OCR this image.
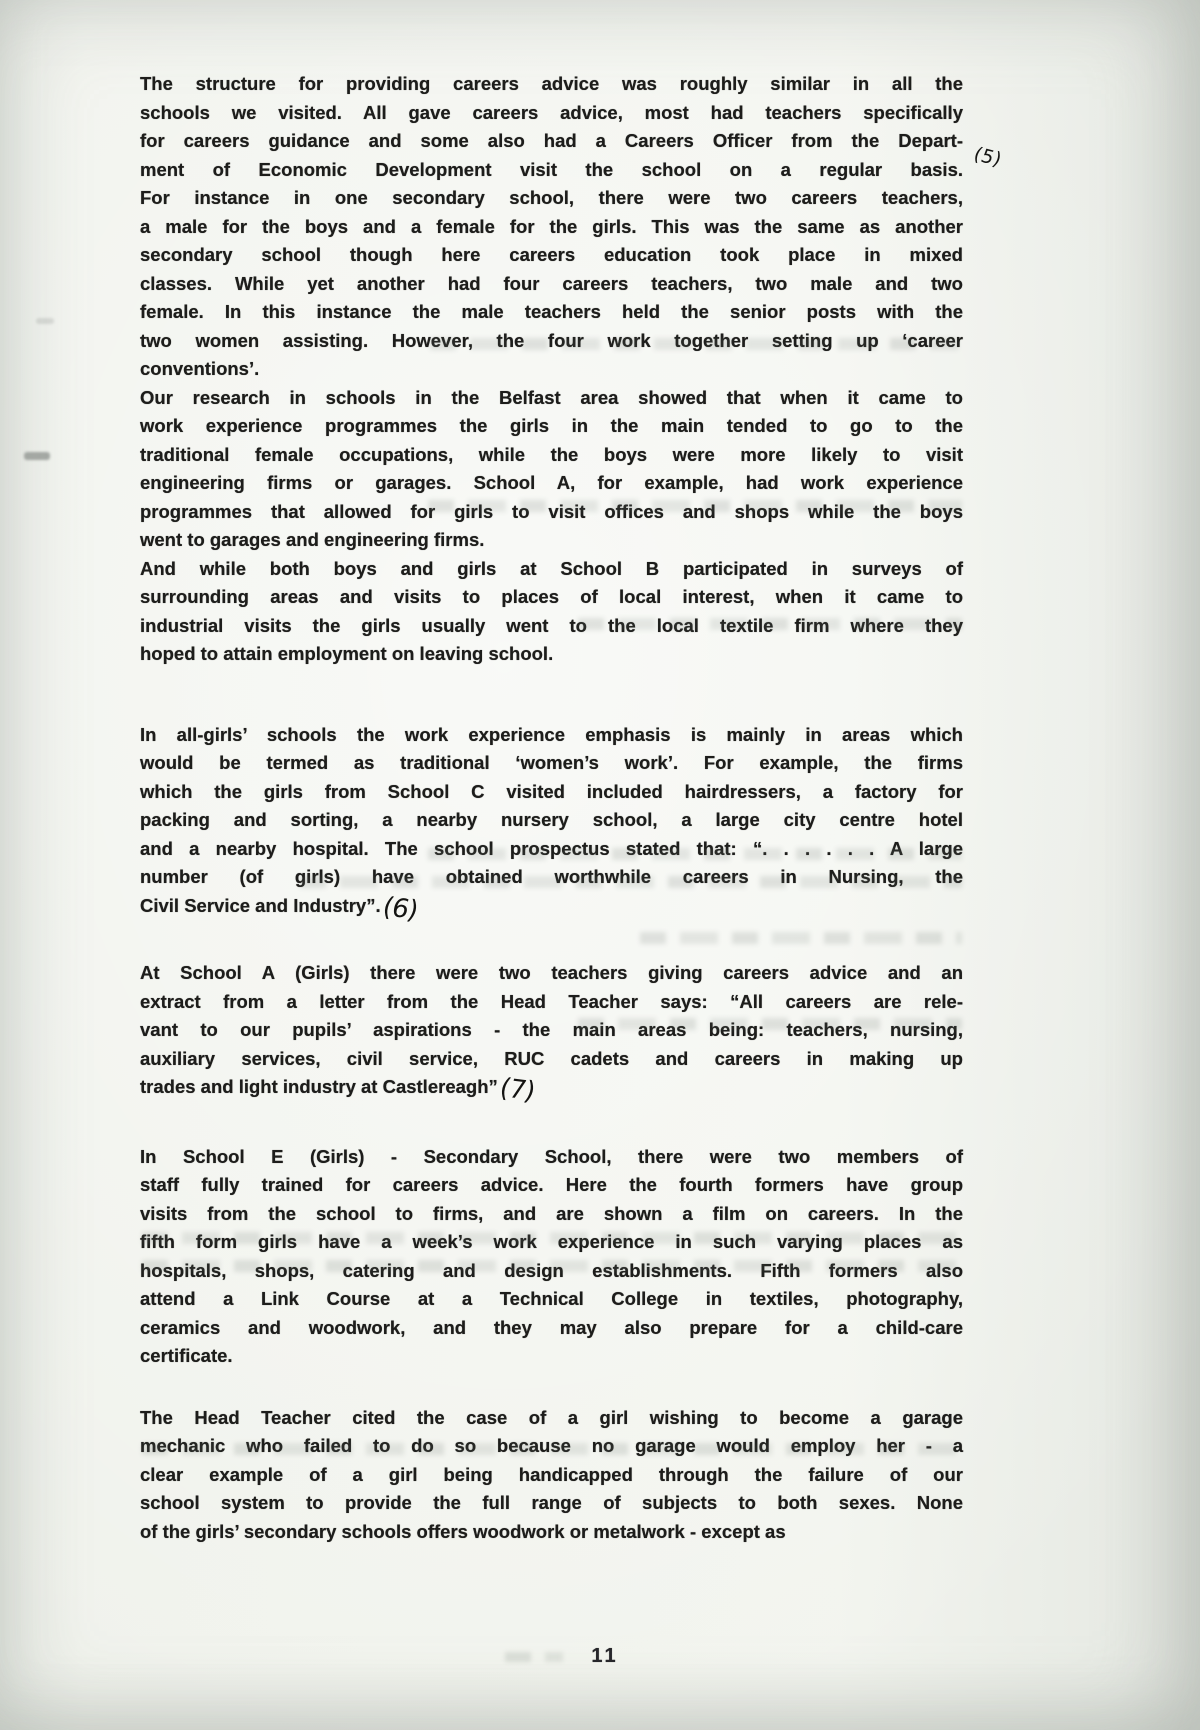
The structure for providing careers advice was roughly similar in all the
schools we visited. All gave careers advice, most had teachers specifically
for careers guidance and some also had a Careers Officer from the Depart-
ment of Economic Development visit the school on a regular basis. (5)
For instance in one secondary school, there were two careers teachers,
a male for the boys and a female for the girls. This was the same as another
secondary school though here careers education took place in mixed
classes. While yet another had four careers teachers, two male and two
female. In this instance the male teachers held the senior posts with the
two women assisting. However, the four work together setting up ‘career
conventions’.
Our research in schools in the Belfast area showed that when it came to
work experience programmes the girls in the main tended to go to the
traditional female occupations, while the boys were more likely to visit
engineering firms or garages. School A, for example, had work experience
programmes that allowed for girls to visit offices and shops while the boys
went to garages and engineering firms.
And while both boys and girls at School B participated in surveys of
surrounding areas and visits to places of local interest, when it came to
industrial visits the girls usually went to the local textile firm where they
hoped to attain employment on leaving school.
In all-girls’ schools the work experience emphasis is mainly in areas which
would be termed as traditional ‘women’s work’. For example, the firms
which the girls from School C visited included hairdressers, a factory for
packing and sorting, a nearby nursery school, a large city centre hotel
and a nearby hospital. The school prospectus stated that: “. . . . . . A large
number (of girls) have obtained worthwhile careers in Nursing, the
Civil Service and Industry”.(6)
At School A (Girls) there were two teachers giving careers advice and an
extract from a letter from the Head Teacher says: “All careers are rele-
vant to our pupils’ aspirations - the main areas being: teachers, nursing,
auxiliary services, civil service, RUC cadets and careers in making up
trades and light industry at Castlereagh”(7)
In School E (Girls) - Secondary School, there were two members of
staff fully trained for careers advice. Here the fourth formers have group
visits from the school to firms, and are shown a film on careers. In the
fifth form girls have a week’s work experience in such varying places as
hospitals, shops, catering and design establishments. Fifth formers also
attend a Link Course at a Technical College in textiles, photography,
ceramics and woodwork, and they may also prepare for a child-care
certificate.
The Head Teacher cited the case of a girl wishing to become a garage
mechanic who failed to do so because no garage would employ her - a
clear example of a girl being handicapped through the failure of our
school system to provide the full range of subjects to both sexes. None
of the girls’ secondary schools offers woodwork or metalwork - except as
11
